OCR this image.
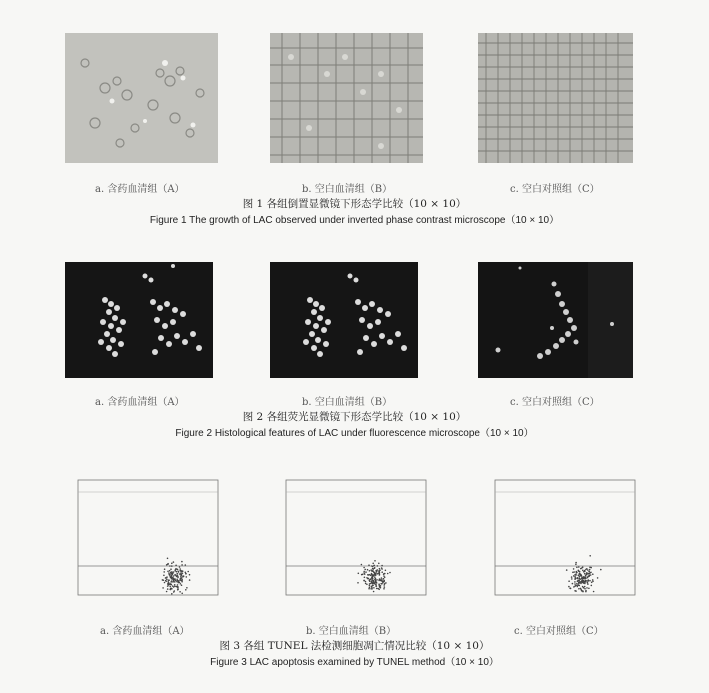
a. 含药血清组（A）	b. 空白血清组（B）	c. 空白对照组（C）
图 1 各组倒置显微镜下形态学比较（10 × 10）
Figure 1 The growth of LAC observed under inverted phase contrast microscope（10 × 10）
a. 含药血清组（A）	b. 空白血清组（B）	c. 空白对照组（C）
图 2 各组荧光显微镜下形态学比较（10 × 10）
Figure 2 Histological features of LAC under fluorescence microscope（10 × 10）
a. 含药血清组（A）	b. 空白血清组（B）	c. 空白对照组（C）
图 3 各组 TUNEL 法检测细胞凋亡情况比较（10 × 10）
Figure 3 LAC apoptosis examined by TUNEL method（10 × 10）
